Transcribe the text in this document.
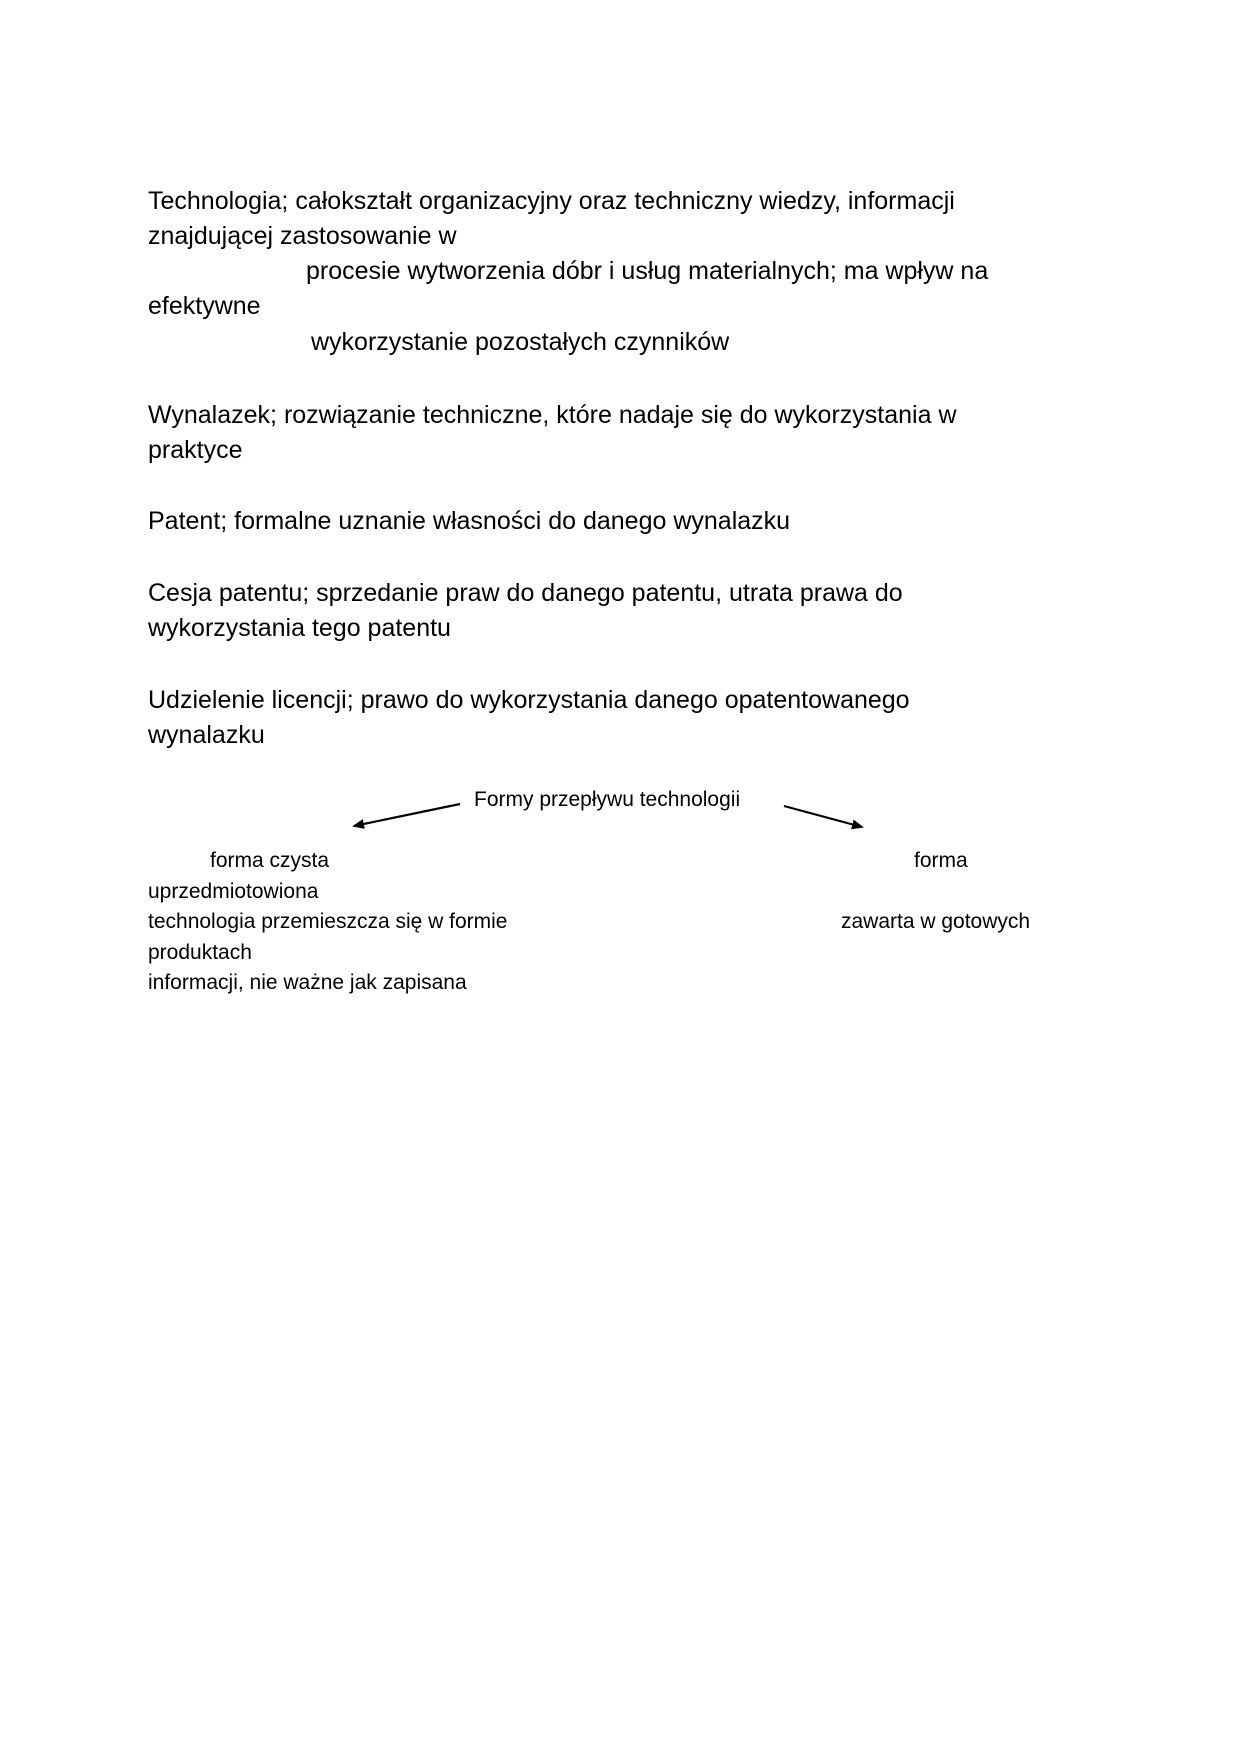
Technologia; całokształt organizacyjny oraz techniczny wiedzy, informacji
znajdującej zastosowanie w
procesie wytworzenia dóbr i usług materialnych; ma wpływ na
efektywne
wykorzystanie pozostałych czynników
Wynalazek; rozwiązanie techniczne, które nadaje się do wykorzystania w
praktyce
Patent; formalne uznanie własności do danego wynalazku
Cesja patentu; sprzedanie praw do danego patentu, utrata prawa do
wykorzystania tego patentu
Udzielenie licencji; prawo do wykorzystania danego opatentowanego
wynalazku
Formy przepływu technologii
forma czysta
uprzedmiotowiona
technologia przemieszcza się w formie
produktach
informacji, nie ważne jak zapisana
forma
zawarta w gotowych
